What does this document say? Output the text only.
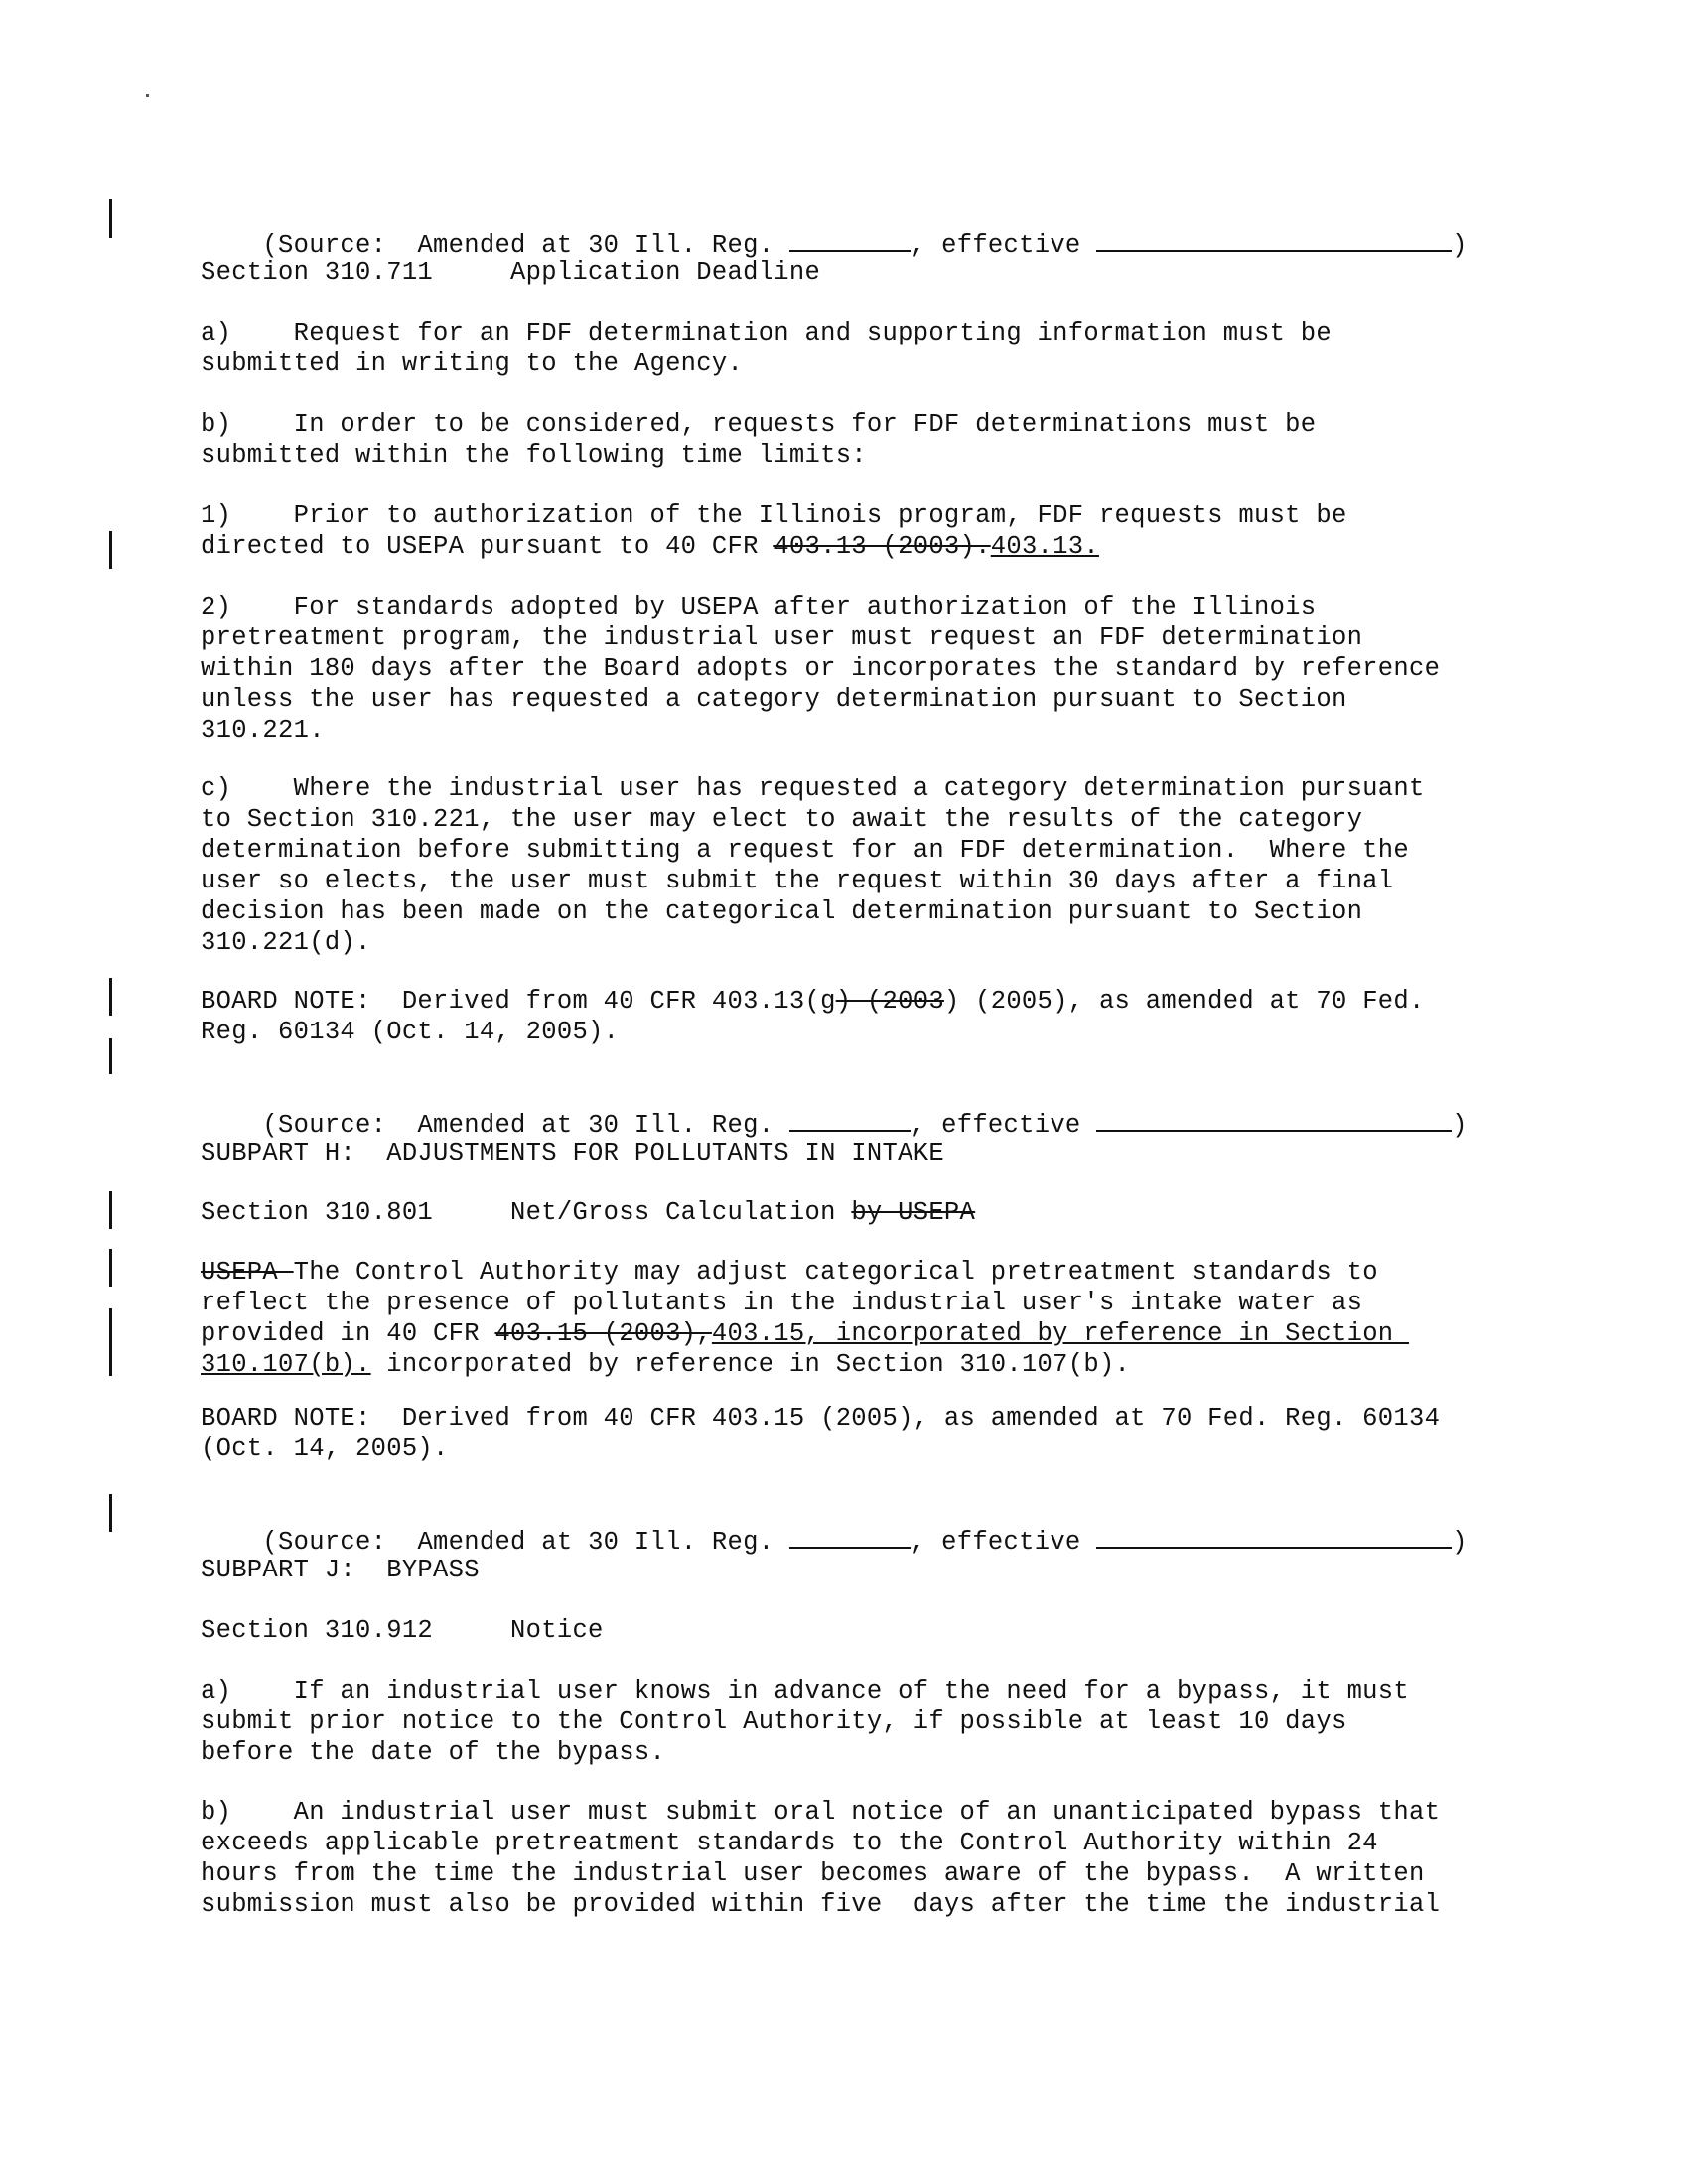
(Source:  Amended at 30 Ill. Reg.	, effective	)

Section 310.711     Application Deadline
a)    Request for an FDF determination and supporting information must be
submitted in writing to the Agency.
b)    In order to be considered, requests for FDF determinations must be
submitted within the following time limits:
1)    Prior to authorization of the Illinois program, FDF requests must be
directed to USEPA pursuant to 40 CFR 403.13 (2003).403.13.
2)    For standards adopted by USEPA after authorization of the Illinois
pretreatment program, the industrial user must request an FDF determination
within 180 days after the Board adopts or incorporates the standard by reference
unless the user has requested a category determination pursuant to Section
310.221.
c)    Where the industrial user has requested a category determination pursuant
to Section 310.221, the user may elect to await the results of the category
determination before submitting a request for an FDF determination.  Where the
user so elects, the user must submit the request within 30 days after a final
decision has been made on the categorical determination pursuant to Section
310.221(d).
BOARD NOTE:  Derived from 40 CFR 403.13(g) (2003) (2005), as amended at 70 Fed.
Reg. 60134 (Oct. 14, 2005).

(Source:  Amended at 30 Ill. Reg.	, effective	)

SUBPART H:  ADJUSTMENTS FOR POLLUTANTS IN INTAKE
Section 310.801     Net/Gross Calculation by USEPA
USEPA The Control Authority may adjust categorical pretreatment standards to
reflect the presence of pollutants in the industrial user's intake water as
provided in 40 CFR 403.15 (2003),403.15, incorporated by reference in Section
310.107(b). incorporated by reference in Section 310.107(b).
BOARD NOTE:  Derived from 40 CFR 403.15 (2005), as amended at 70 Fed. Reg. 60134
(Oct. 14, 2005).

(Source:  Amended at 30 Ill. Reg.	, effective	)

SUBPART J:  BYPASS
Section 310.912     Notice
a)    If an industrial user knows in advance of the need for a bypass, it must
submit prior notice to the Control Authority, if possible at least 10 days
before the date of the bypass.
b)    An industrial user must submit oral notice of an unanticipated bypass that
exceeds applicable pretreatment standards to the Control Authority within 24
hours from the time the industrial user becomes aware of the bypass.  A written
submission must also be provided within five  days after the time the industrial
